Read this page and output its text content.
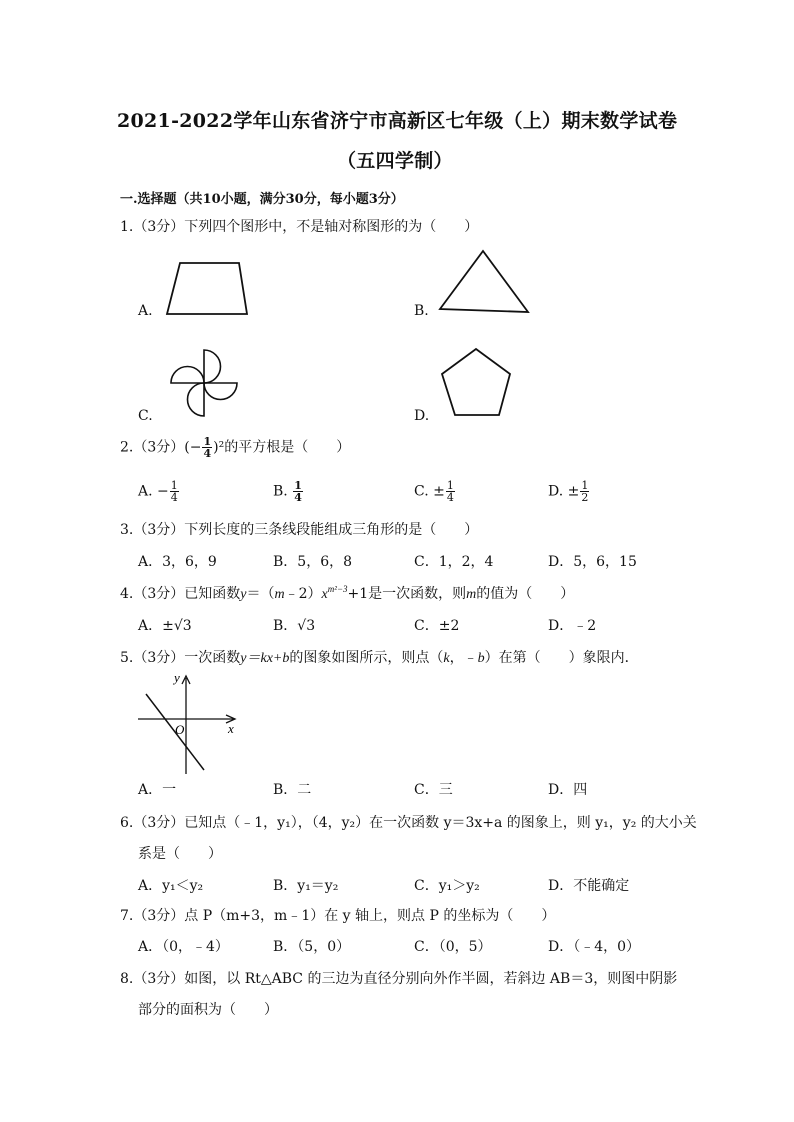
2021-2022学年山东省济宁市高新区七年级（上）期末数学试卷
（五四学制）
一.选择题（共10小题，满分30分，每小题3分）
1.（3分）下列四个图形中，不是轴对称图形的为（　　）
A.	B.
C.	D.
2.（3分）(− $\frac{1}{4} )^2$的平方根是（　　）
A. − $\frac{1}{4}$	B. $\frac{1}{4}$	C. ± $\frac{1}{4}$	D. ± $\frac{1}{2}$
3.（3分）下列长度的三条线段能组成三角形的是（　　）
A．3，6，9	B．5，6，8	C．1，2，4	D．5，6，15
4.（3分）已知函数$y=(m﹣2)x^{m^2-3}+1$是一次函数，则m的值为（　　）
A．±√3	B．√3	C．±2	D．﹣2
5.（3分）一次函数y＝kx+b的图象如图所示，则点（k，﹣b）在第（　　）象限内．
y
x
O
A．一	B．二	C．三	D．四
6.（3分）已知点（﹣1，y₁），（4，y₂）在一次函数 y＝3x+a 的图象上，则 y₁，y₂ 的大小关
系是（　　）
A．y₁＜y₂	B．y₁＝y₂	C．y₁＞y₂	D．不能确定
7.（3分）点 P（m+3，m﹣1）在 y 轴上，则点 P 的坐标为（　　）
A．（0，﹣4）	B．（5，0）	C．（0，5）	D．（﹣4，0）
8.（3分）如图，以 Rt△ABC 的三边为直径分别向外作半圆，若斜边 AB＝3，则图中阴影
部分的面积为（　　）
